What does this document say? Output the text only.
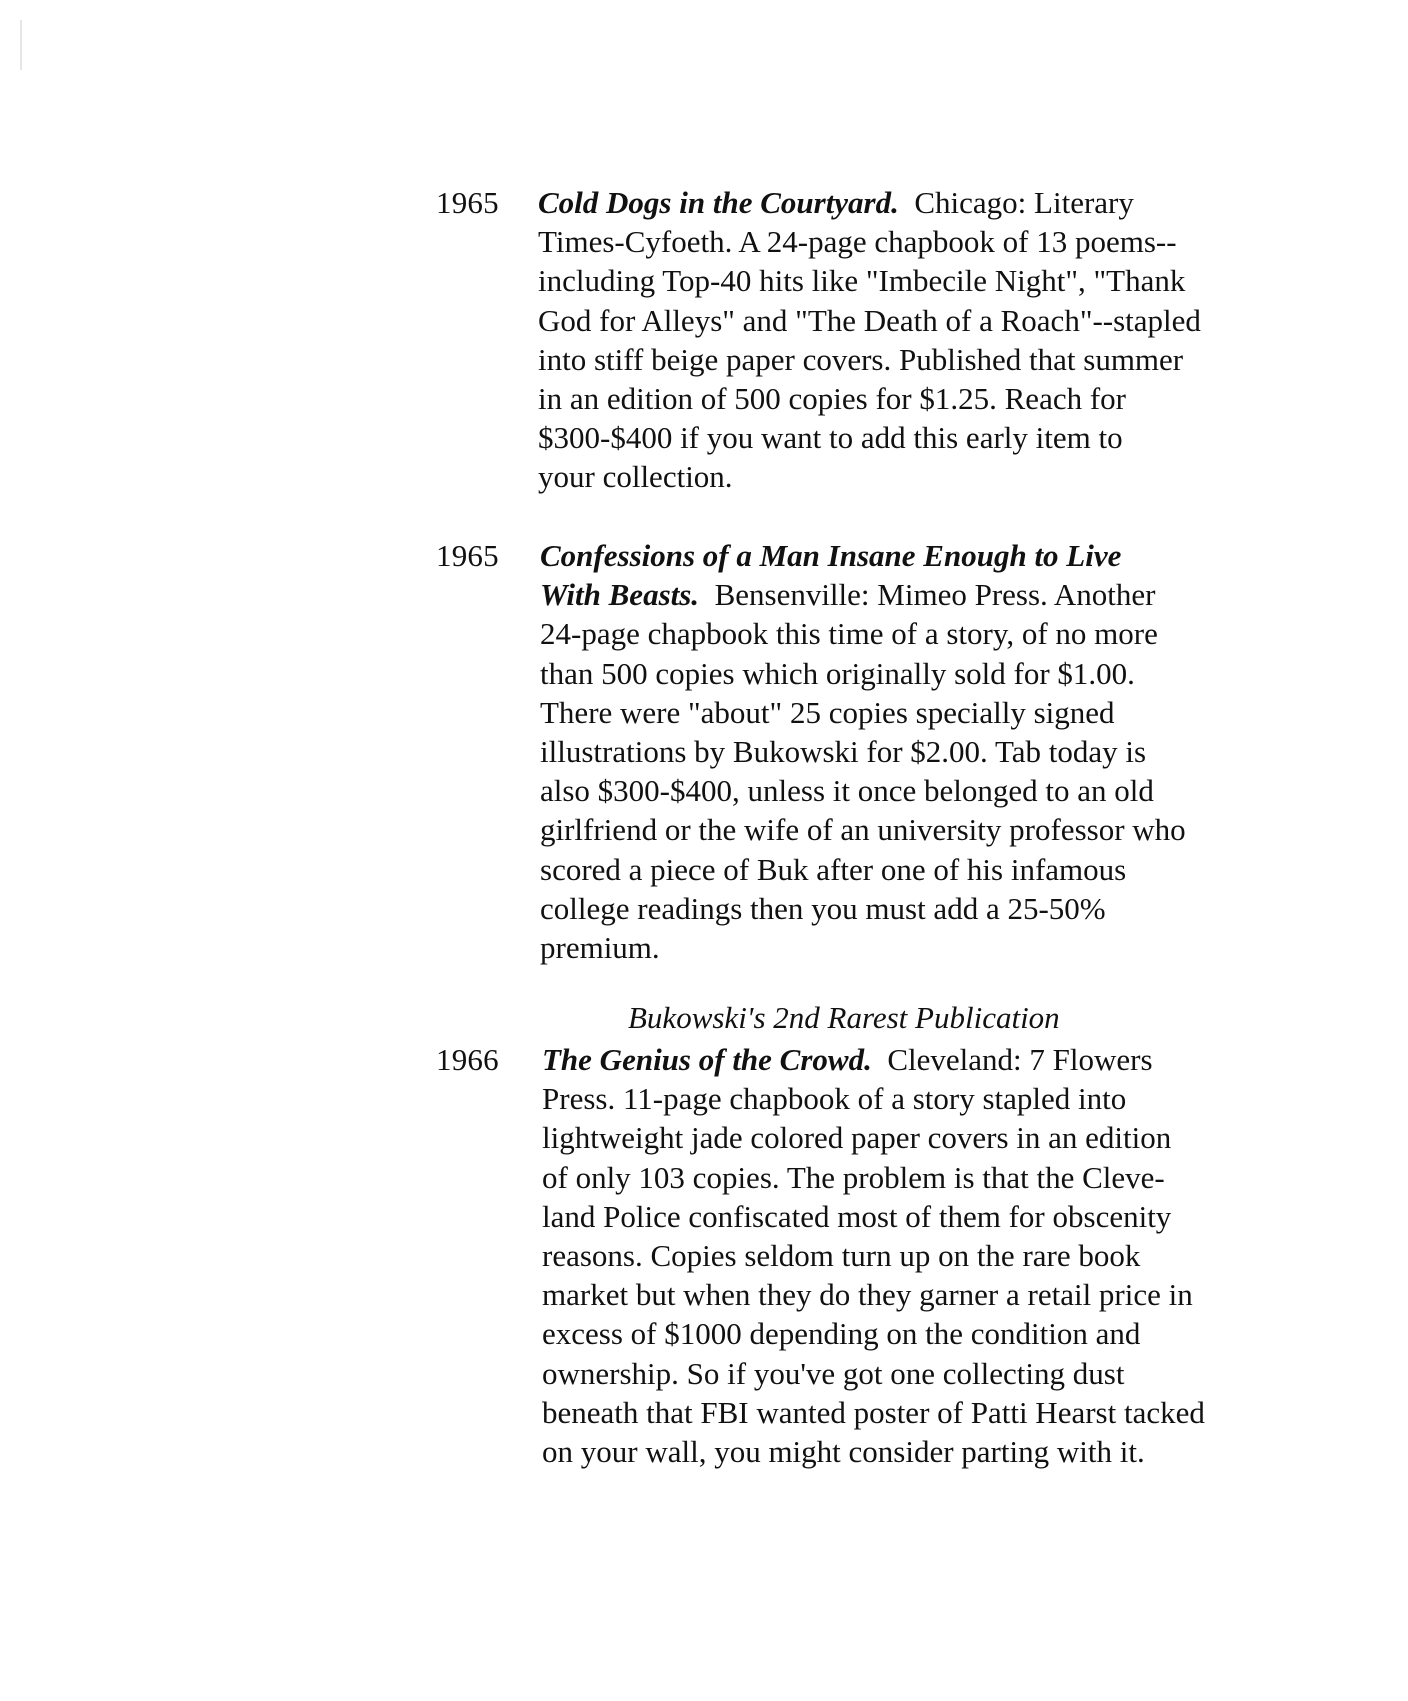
1965 Cold Dogs in the Courtyard. Chicago: Literary
Times-Cyfoeth. A 24-page chapbook of 13 poems--
including Top-40 hits like "Imbecile Night", "Thank
God for Alleys" and "The Death of a Roach"--stapled
into stiff beige paper covers. Published that summer
in an edition of 500 copies for $1.25. Reach for
$300-$400 if you want to add this early item to
your collection.
1965 Confessions of a Man Insane Enough to Live
With Beasts. Bensenville: Mimeo Press. Another
24-page chapbook this time of a story, of no more
than 500 copies which originally sold for $1.00.
There were "about" 25 copies specially signed
illustrations by Bukowski for $2.00. Tab today is
also $300-$400, unless it once belonged to an old
girlfriend or the wife of an university professor who
scored a piece of Buk after one of his infamous
college readings then you must add a 25-50%
premium.
Bukowski's 2nd Rarest Publication
1966 The Genius of the Crowd. Cleveland: 7 Flowers
Press. 11-page chapbook of a story stapled into
lightweight jade colored paper covers in an edition
of only 103 copies. The problem is that the Cleve-
land Police confiscated most of them for obscenity
reasons. Copies seldom turn up on the rare book
market but when they do they garner a retail price in
excess of $1000 depending on the condition and
ownership. So if you've got one collecting dust
beneath that FBI wanted poster of Patti Hearst tacked
on your wall, you might consider parting with it.
